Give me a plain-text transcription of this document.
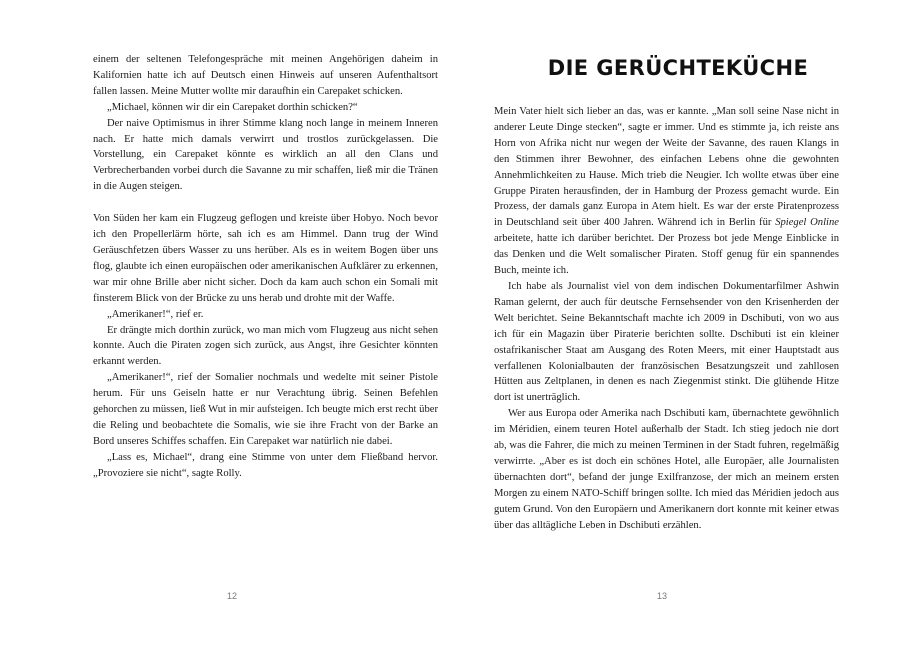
einem der seltenen Telefongespräche mit meinen Angehörigen daheim in Kalifornien hatte ich auf Deutsch einen Hinweis auf unseren Aufenthaltsort fallen lassen. Meine Mutter wollte mir daraufhin ein Carepaket schicken.

„Michael, können wir dir ein Carepaket dorthin schicken?“

Der naive Optimismus in ihrer Stimme klang noch lange in meinem Inneren nach. Er hatte mich damals verwirrt und trostlos zurückgelassen. Die Vorstellung, ein Carepaket könnte es wirklich an all den Clans und Verbrecherbanden vorbei durch die Savanne zu mir schaffen, ließ mir die Tränen in die Augen steigen.

Von Süden her kam ein Flugzeug geflogen und kreiste über Hobyo. Noch bevor ich den Propellerlärm hörte, sah ich es am Himmel. Dann trug der Wind Geräuschfetzen übers Wasser zu uns herüber. Als es in weitem Bogen über uns flog, glaubte ich einen europäischen oder amerikanischen Aufklärer zu erkennen, war mir ohne Brille aber nicht sicher. Doch da kam auch schon ein Somali mit finsterem Blick von der Brücke zu uns herab und drohte mit der Waffe.

„Amerikaner!“, rief er.

Er drängte mich dorthin zurück, wo man mich vom Flugzeug aus nicht sehen konnte. Auch die Piraten zogen sich zurück, aus Angst, ihre Gesichter könnten erkannt werden.

„Amerikaner!“, rief der Somalier nochmals und wedelte mit seiner Pistole herum. Für uns Geiseln hatte er nur Verachtung übrig. Seinen Befehlen gehorchen zu müssen, ließ Wut in mir aufsteigen. Ich beugte mich erst recht über die Reling und beobachtete die Somalis, wie sie ihre Fracht von der Barke an Bord unseres Schiffes schaffen. Ein Carepaket war natürlich nie dabei.

„Lass es, Michael“, drang eine Stimme von unter dem Fließband hervor. „Provoziere sie nicht“, sagte Rolly.

12
DIE GERÜCHTEKÜCHE

Mein Vater hielt sich lieber an das, was er kannte. „Man soll seine Nase nicht in anderer Leute Dinge stecken“, sagte er immer. Und es stimmte ja, ich reiste ans Horn von Afrika nicht nur wegen der Weite der Savanne, des rauen Klangs in den Stimmen ihrer Bewohner, des einfachen Lebens ohne die gewohnten Annehmlichkeiten zu Hause. Mich trieb die Neugier. Ich wollte etwas über eine Gruppe Piraten herausfinden, der in Hamburg der Prozess gemacht wurde. Ein Prozess, der damals ganz Europa in Atem hielt. Es war der erste Piratenprozess in Deutschland seit über 400 Jahren. Während ich in Berlin für Spiegel Online arbeitete, hatte ich darüber berichtet. Der Prozess bot jede Menge Einblicke in das Denken und die Welt somalischer Piraten. Stoff genug für ein spannendes Buch, meinte ich.

Ich habe als Journalist viel von dem indischen Dokumentarfilmer Ashwin Raman gelernt, der auch für deutsche Fernsehsender von den Krisenherden der Welt berichtet. Seine Bekanntschaft machte ich 2009 in Dschibuti, von wo aus ich für ein Magazin über Piraterie berichten sollte. Dschibuti ist ein kleiner ostafrikanischer Staat am Ausgang des Roten Meers, mit einer Hauptstadt aus verfallenen Kolonialbauten der französischen Besatzungszeit und zahllosen Hütten aus Zeltplanen, in denen es nach Ziegenmist stinkt. Die glühende Hitze dort ist unerträglich.

Wer aus Europa oder Amerika nach Dschibuti kam, übernachtete gewöhnlich im Méridien, einem teuren Hotel außerhalb der Stadt. Ich stieg jedoch nie dort ab, was die Fahrer, die mich zu meinen Terminen in der Stadt fuhren, regelmäßig verwirrte. „Aber es ist doch ein schönes Hotel, alle Europäer, alle Journalisten übernachten dort“, befand der junge Exilfranzose, der mich an meinem ersten Morgen zu einem NATO-Schiff bringen sollte. Ich mied das Méridien jedoch aus gutem Grund. Von den Europäern und Amerikanern dort konnte mit keiner etwas über das alltägliche Leben in Dschibuti erzählen.

13
